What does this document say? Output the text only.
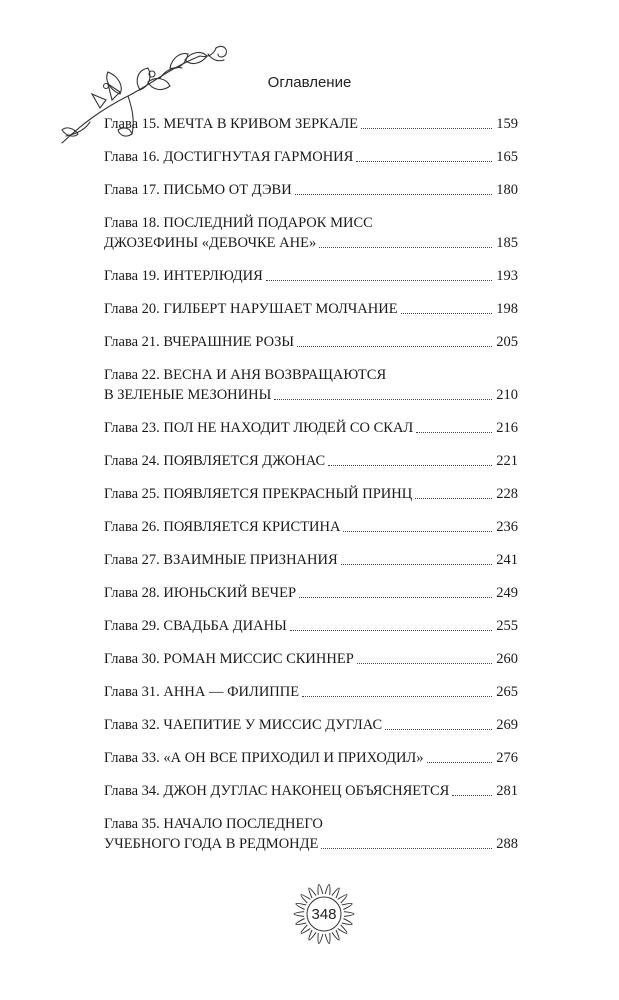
Оглавление
Глава 15. МЕЧТА В КРИВОМ ЗЕРКАЛЕ	159
Глава 16. ДОСТИГНУТАЯ ГАРМОНИЯ	165
Глава 17. ПИСЬМО ОТ ДЭВИ	180
Глава 18. ПОСЛЕДНИЙ ПОДАРОК МИСС
ДЖОЗЕФИНЫ «ДЕВОЧКЕ АНЕ»	185
Глава 19. ИНТЕРЛЮДИЯ	193
Глава 20. ГИЛБЕРТ НАРУШАЕТ МОЛЧАНИЕ	198
Глава 21. ВЧЕРАШНИЕ РОЗЫ	205
Глава 22. ВЕСНА И АНЯ ВОЗВРАЩАЮТСЯ
В ЗЕЛЕНЫЕ МЕЗОНИНЫ	210
Глава 23. ПОЛ НЕ НАХОДИТ ЛЮДЕЙ СО СКАЛ	216
Глава 24. ПОЯВЛЯЕТСЯ ДЖОНАС	221
Глава 25. ПОЯВЛЯЕТСЯ ПРЕКРАСНЫЙ ПРИНЦ	228
Глава 26. ПОЯВЛЯЕТСЯ КРИСТИНА	236
Глава 27. ВЗАИМНЫЕ ПРИЗНАНИЯ	241
Глава 28. ИЮНЬСКИЙ ВЕЧЕР	249
Глава 29. СВАДЬБА ДИАНЫ	255
Глава 30. РОМАН МИССИС СКИННЕР	260
Глава 31. АННА — ФИЛИППЕ	265
Глава 32. ЧАЕПИТИЕ У МИССИС ДУГЛАС	269
Глава 33. «А ОН ВСЕ ПРИХОДИЛ И ПРИХОДИЛ»	276
Глава 34. ДЖОН ДУГЛАС НАКОНЕЦ ОБЪЯСНЯЕТСЯ	281
Глава 35. НАЧАЛО ПОСЛЕДНЕГО
УЧЕБНОГО ГОДА В РЕДМОНДЕ	288
348
